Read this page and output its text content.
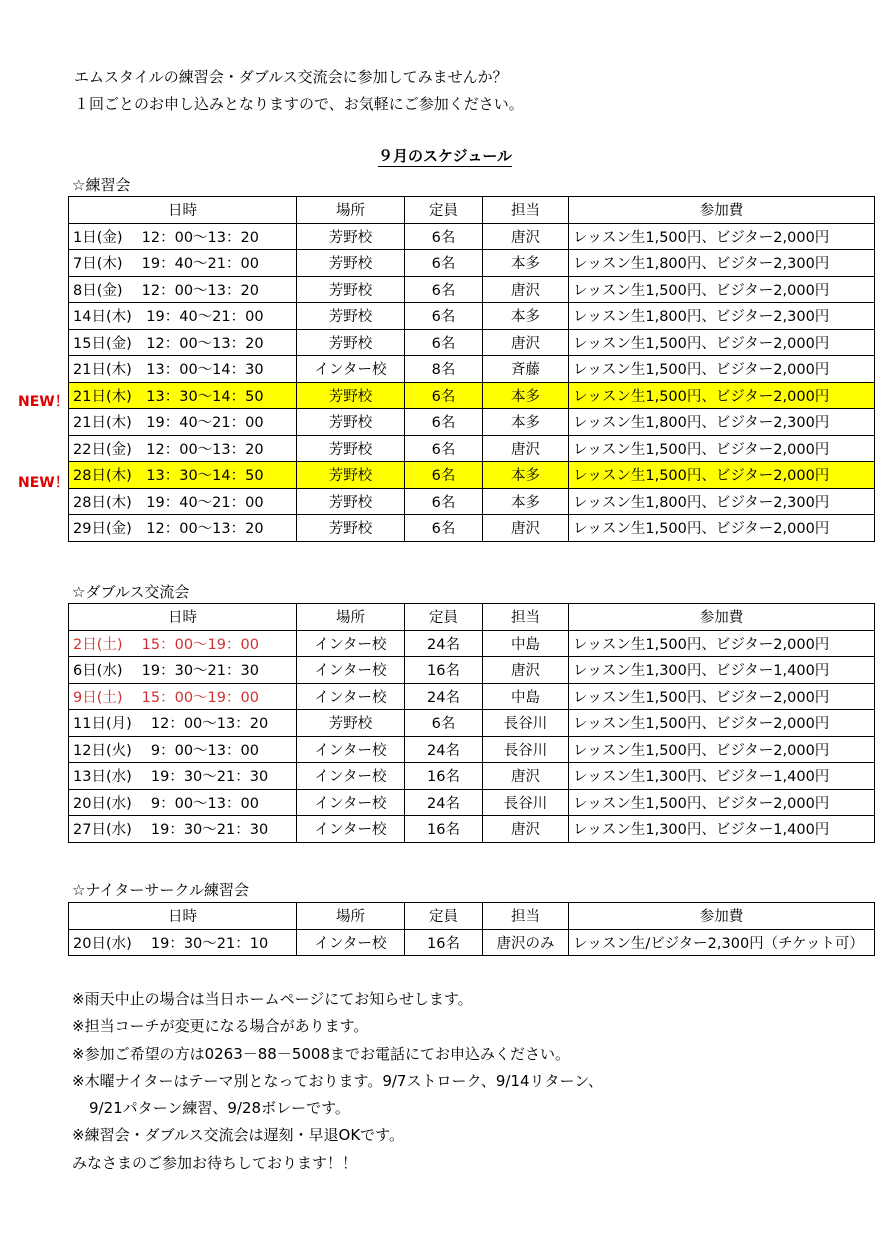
エムスタイルの練習会・ダブルス交流会に参加してみませんか？
１回ごとのお申し込みとなりますので、お気軽にご参加ください。
９月のスケジュール
☆練習会
NEW！
NEW！
日時	場所	定員	担当	参加費
1日(金)　 12：00～13：20	芳野校	6名	唐沢	レッスン生1,500円、ビジター2,000円
7日(木)　 19：40～21：00	芳野校	6名	本多	レッスン生1,800円、ビジター2,300円
8日(金)　 12：00～13：20	芳野校	6名	唐沢	レッスン生1,500円、ビジター2,000円
14日(木)　19：40～21：00	芳野校	6名	本多	レッスン生1,800円、ビジター2,300円
15日(金)　12：00～13：20	芳野校	6名	唐沢	レッスン生1,500円、ビジター2,000円
21日(木)　13：00～14：30	インター校	8名	斉藤	レッスン生1,500円、ビジター2,000円
21日(木)　13：30～14：50	芳野校	6名	本多	レッスン生1,500円、ビジター2,000円
21日(木)　19：40～21：00	芳野校	6名	本多	レッスン生1,800円、ビジター2,300円
22日(金)　12：00～13：20	芳野校	6名	唐沢	レッスン生1,500円、ビジター2,000円
28日(木)　13：30～14：50	芳野校	6名	本多	レッスン生1,500円、ビジター2,000円
28日(木)　19：40～21：00	芳野校	6名	本多	レッスン生1,800円、ビジター2,300円
29日(金)　12：00～13：20	芳野校	6名	唐沢	レッスン生1,500円、ビジター2,000円
☆ダブルス交流会
日時	場所	定員	担当	参加費
2日(土)　 15：00～19：00	インター校	24名	中島	レッスン生1,500円、ビジター2,000円
6日(水)　 19：30～21：30	インター校	16名	唐沢	レッスン生1,300円、ビジター1,400円
9日(土)　 15：00～19：00	インター校	24名	中島	レッスン生1,500円、ビジター2,000円
11日(月)　 12：00～13：20	芳野校	6名	長谷川	レッスン生1,500円、ビジター2,000円
12日(火)　 9：00～13：00	インター校	24名	長谷川	レッスン生1,500円、ビジター2,000円
13日(水)　 19：30～21：30	インター校	16名	唐沢	レッスン生1,300円、ビジター1,400円
20日(水)　 9：00～13：00	インター校	24名	長谷川	レッスン生1,500円、ビジター2,000円
27日(水)　 19：30～21：30	インター校	16名	唐沢	レッスン生1,300円、ビジター1,400円
☆ナイターサークル練習会
日時	場所	定員	担当	参加費
20日(水)　 19：30～21：10	インター校	16名	唐沢のみ	レッスン生/ビジター2,300円（チケット可）
※雨天中止の場合は当日ホームページにてお知らせします。
※担当コーチが変更になる場合があります。
※参加ご希望の方は0263－88－5008までお電話にてお申込みください。
※木曜ナイターはテーマ別となっております。9/7ストローク、9/14リターン、
9/21パターン練習、9/28ボレーです。
※練習会・ダブルス交流会は遅刻・早退OKです。
みなさまのご参加お待ちしております！！
